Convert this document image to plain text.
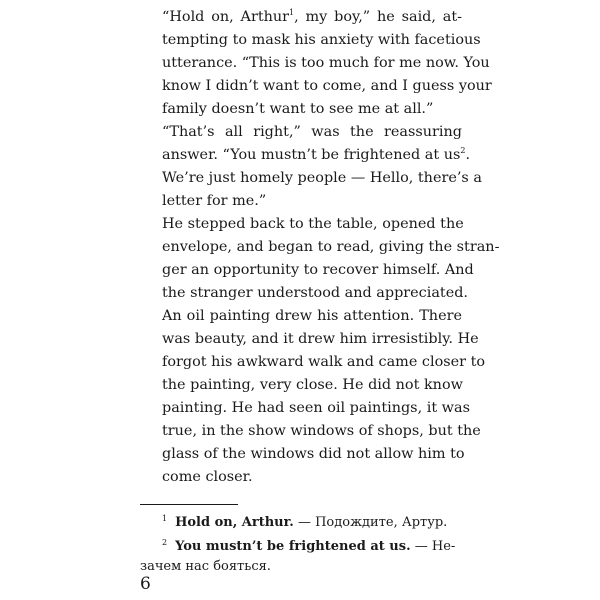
“Hold on, Arthur$^1$, my boy,” he said, at-
tempting to mask his anxiety with facetious
utterance. “This is too much for me now. You
know I didn’t want to come, and I guess your
family doesn’t want to see me at all.”
“That’s all right,” was the reassuring
answer. “You mustn’t be frightened at $us^2$.
We’re just homely people — Hello, there’s a
letter for me.”
He stepped back to the table, opened the
envelope, and began to read, giving the stran-
ger an opportunity to recover himself. And
the stranger understood and appreciated.
An oil painting drew his attention. There
was beauty, and it drew him irresistibly. He
forgot his awkward walk and came closer to
the painting, very close. He did not know
painting. He had seen oil paintings, it was
true, in the show windows of shops, but the
glass of the windows did not allow him to
come closer.
$^1$ Hold on, Arthur. — Подождите, Артур.
$^2$ You mustn’t be frightened at us. — Не-
зачем нас бояться.
6
